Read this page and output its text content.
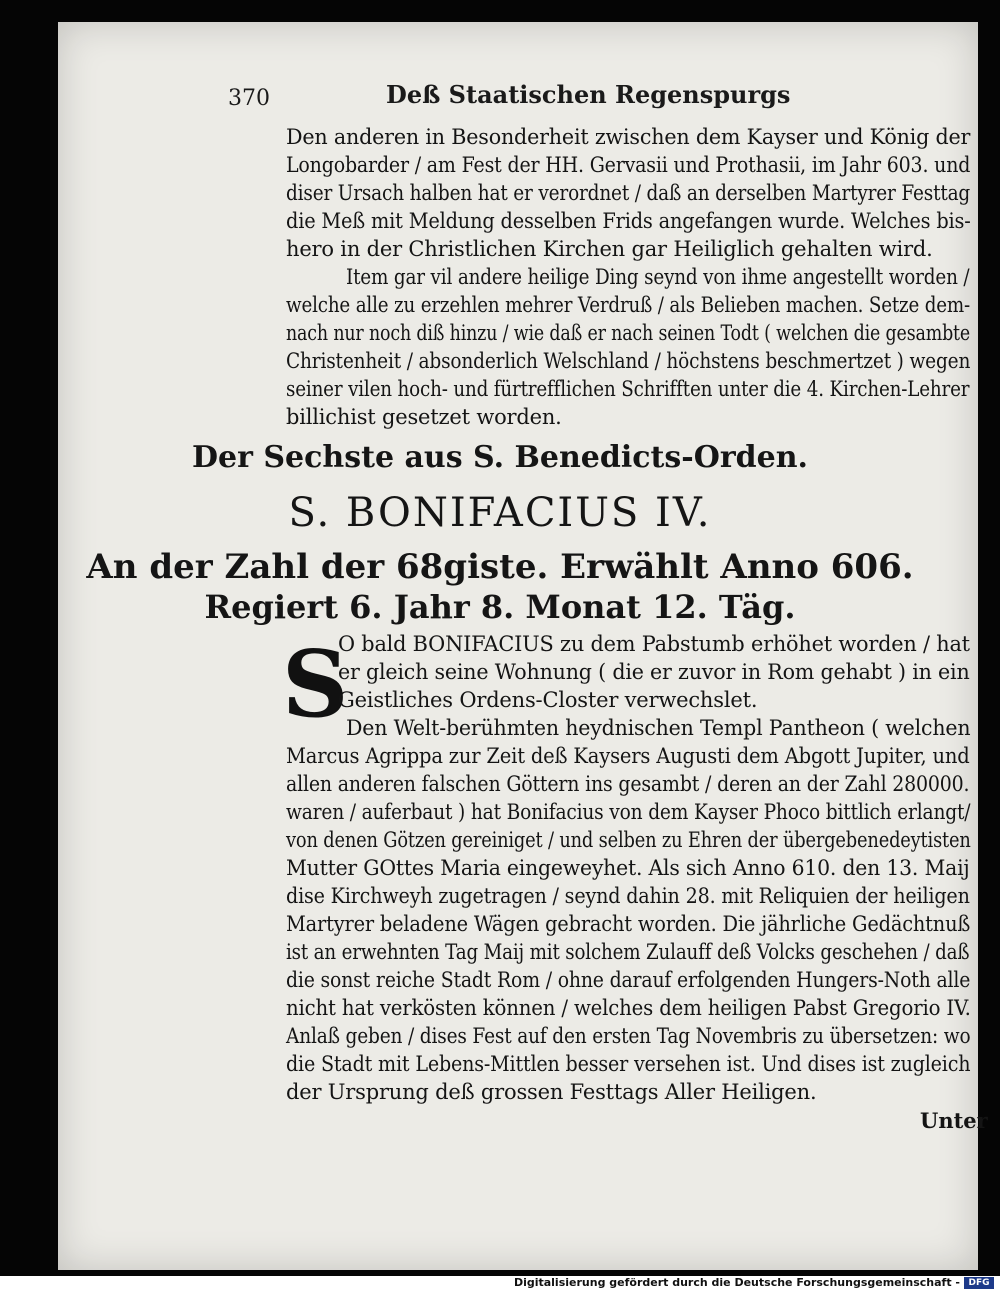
370	Deß Staatischen Regenspurgs
Den anderen in Besonderheit zwischen dem Kayser und König der
Longobarder / am Fest der HH. Gervasii und Prothasii, im Jahr 603. und
diser Ursach halben hat er verordnet / daß an derselben Martyrer Festtag
die Meß mit Meldung desselben Frids angefangen wurde. Welches bis-
hero in der Christlichen Kirchen gar Heiliglich gehalten wird.
Item gar vil andere heilige Ding seynd von ihme angestellt worden /
welche alle zu erzehlen mehrer Verdruß / als Belieben machen. Setze dem-
nach nur noch diß hinzu / wie daß er nach seinen Todt ( welchen die gesambte
Christenheit / absonderlich Welschland / höchstens beschmertzet ) wegen
seiner vilen hoch- und fürtrefflichen Schrifften unter die 4. Kirchen-Lehrer
billichist gesetzet worden.
Der Sechste aus S. Benedicts-Orden.
S. BONIFACIUS IV.
An der Zahl der 68giste. Erwählt Anno 606.
Regiert 6. Jahr 8. Monat 12. Täg.
S
O bald BONIFACIUS zu dem Pabstumb erhöhet worden / hat
er gleich seine Wohnung ( die er zuvor in Rom gehabt ) in ein
Geistliches Ordens-Closter verwechslet.
Den Welt-berühmten heydnischen Templ Pantheon ( welchen
Marcus Agrippa zur Zeit deß Kaysers Augusti dem Abgott Jupiter, und
allen anderen falschen Göttern ins gesambt / deren an der Zahl 280000.
waren / auferbaut ) hat Bonifacius von dem Kayser Phoco bittlich erlangt/
von denen Götzen gereiniget / und selben zu Ehren der übergebenedeytisten
Mutter GOttes Maria eingeweyhet. Als sich Anno 610. den 13. Maij
dise Kirchweyh zugetragen / seynd dahin 28. mit Reliquien der heiligen
Martyrer beladene Wägen gebracht worden. Die jährliche Gedächtnuß
ist an erwehnten Tag Maij mit solchem Zulauff deß Volcks geschehen / daß
die sonst reiche Stadt Rom / ohne darauf erfolgenden Hungers-Noth alle
nicht hat verkösten können / welches dem heiligen Pabst Gregorio IV.
Anlaß geben / dises Fest auf den ersten Tag Novembris zu übersetzen: wo
die Stadt mit Lebens-Mittlen besser versehen ist. Und dises ist zugleich
der Ursprung deß grossen Festtags Aller Heiligen.
Unter
Digitalisierung gefördert durch die Deutsche Forschungsgemeinschaft - DFG
